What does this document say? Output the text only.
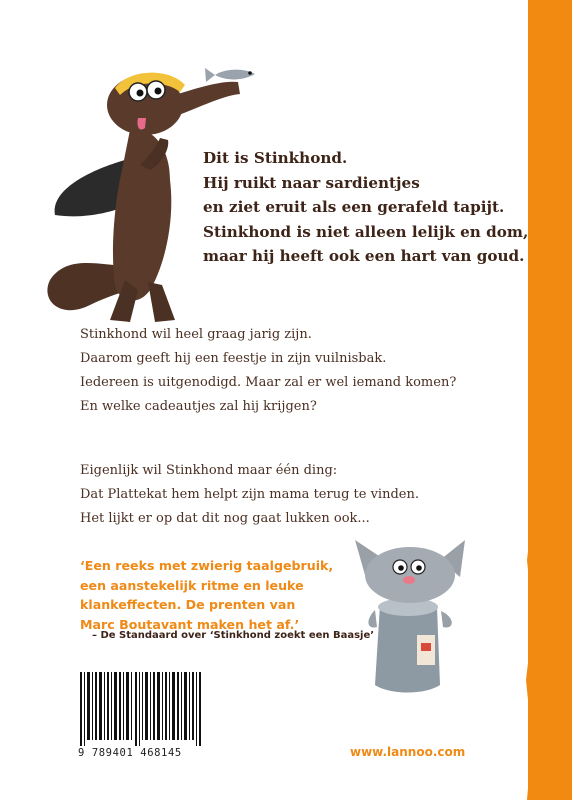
Dit is Stinkhond.
Hij ruikt naar sardientjes
en ziet eruit als een gerafeld tapijt.
Stinkhond is niet alleen lelijk en dom,
maar hij heeft ook een hart van goud.
Stinkhond wil heel graag jarig zijn.
Daarom geeft hij een feestje in zijn vuilnisbak.
Iedereen is uitgenodigd. Maar zal er wel iemand komen?
En welke cadeautjes zal hij krijgen?
Eigenlijk wil Stinkhond maar één ding:
Dat Plattekat hem helpt zijn mama terug te vinden.
Het lijkt er op dat dit nog gaat lukken ook...
‘Een reeks met zwierig taalgebruik,
een aanstekelijk ritme en leuke
klankeffecten. De prenten van
Marc Boutavant maken het af.’
– De Standaard over ‘Stinkhond zoekt een Baasje’
9 789401 468145	www.lannoo.com
